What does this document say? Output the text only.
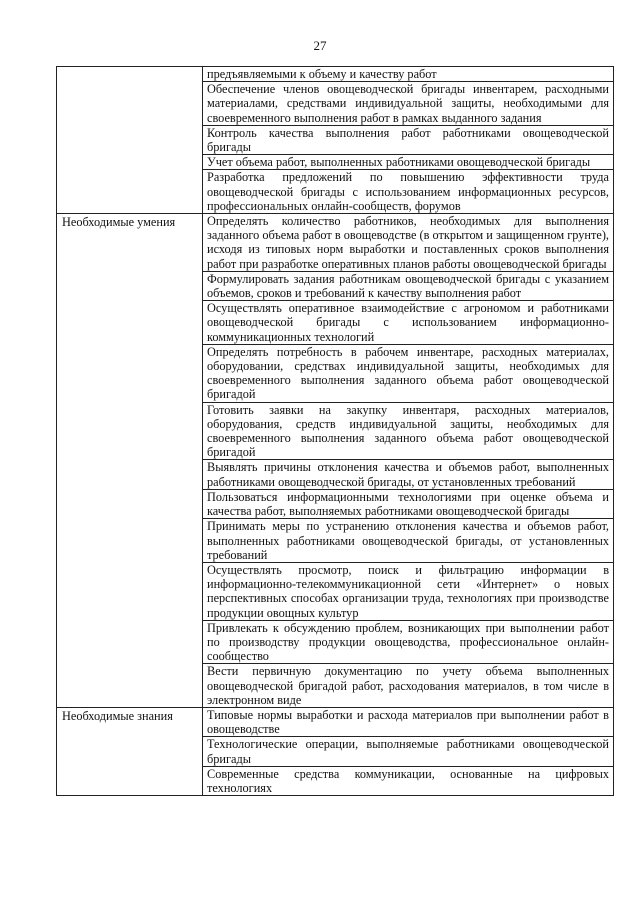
27
	предъявляемыми к объему и качеству работ
	Обеспечение членов овощеводческой бригады инвентарем, расходными материалами, средствами индивидуальной защиты, необходимыми для своевременного выполнения работ в рамках выданного задания
	Контроль качества выполнения работ работниками овощеводческой бригады
	Учет объема работ, выполненных работниками овощеводческой бригады
	Разработка предложений по повышению эффективности труда овощеводческой бригады с использованием информационных ресурсов, профессиональных онлайн-сообществ, форумов
Необходимые умения	Определять количество работников, необходимых для выполнения заданного объема работ в овощеводстве (в открытом и защищенном грунте), исходя из типовых норм выработки и поставленных сроков выполнения работ при разработке оперативных планов работы овощеводческой бригады
	Формулировать задания работникам овощеводческой бригады с указанием объемов, сроков и требований к качеству выполнения работ
	Осуществлять оперативное взаимодействие с агрономом и работниками овощеводческой бригады с использованием информационно-коммуникационных технологий
	Определять потребность в рабочем инвентаре, расходных материалах, оборудовании, средствах индивидуальной защиты, необходимых для своевременного выполнения заданного объема работ овощеводческой бригадой
	Готовить заявки на закупку инвентаря, расходных материалов, оборудования, средств индивидуальной защиты, необходимых для своевременного выполнения заданного объема работ овощеводческой бригадой
	Выявлять причины отклонения качества и объемов работ, выполненных работниками овощеводческой бригады, от установленных требований
	Пользоваться информационными технологиями при оценке объема и качества работ, выполняемых работниками овощеводческой бригады
	Принимать меры по устранению отклонения качества и объемов работ, выполненных работниками овощеводческой бригады, от установленных требований
	Осуществлять просмотр, поиск и фильтрацию информации в информационно-телекоммуникационной сети «Интернет» о новых перспективных способах организации труда, технологиях при производстве продукции овощных культур
	Привлекать к обсуждению проблем, возникающих при выполнении работ по производству продукции овощеводства, профессиональное онлайн-сообщество
	Вести первичную документацию по учету объема выполненных овощеводческой бригадой работ, расходования материалов, в том числе в электронном виде
Необходимые знания	Типовые нормы выработки и расхода материалов при выполнении работ в овощеводстве
	Технологические операции, выполняемые работниками овощеводческой бригады
	Современные средства коммуникации, основанные на цифровых технологиях
